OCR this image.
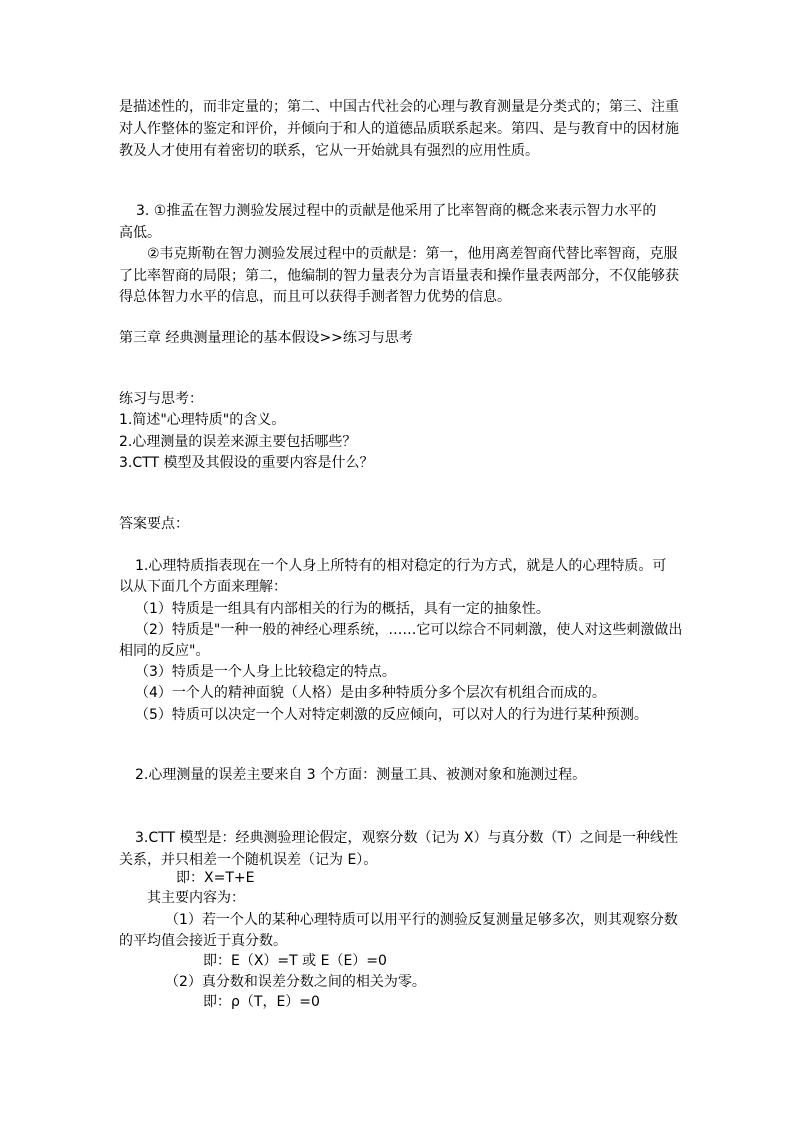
是描述性的，而非定量的；第二、中国古代社会的心理与教育测量是分类式的；第三、注重
对人作整体的鉴定和评价，并倾向于和人的道德品质联系起来。第四、是与教育中的因材施
教及人才使用有着密切的联系，它从一开始就具有强烈的应用性质。
3. ①推孟在智力测验发展过程中的贡献是他采用了比率智商的概念来表示智力水平的
高低。
②韦克斯勒在智力测验发展过程中的贡献是：第一，他用离差智商代替比率智商，克服
了比率智商的局限；第二，他编制的智力量表分为言语量表和操作量表两部分，不仅能够获
得总体智力水平的信息，而且可以获得手测者智力优势的信息。
第三章 经典测量理论的基本假设>>练习与思考
练习与思考：
1.简述"心理特质"的含义。
2.心理测量的误差来源主要包括哪些？
3.CTT 模型及其假设的重要内容是什么？
答案要点：
1.心理特质指表现在一个人身上所特有的相对稳定的行为方式，就是人的心理特质。可
以从下面几个方面来理解：
（1）特质是一组具有内部相关的行为的概括，具有一定的抽象性。
（2）特质是"一种一般的神经心理系统，……它可以综合不同刺激，使人对这些刺激做出
相同的反应"。
（3）特质是一个人身上比较稳定的特点。
（4）一个人的精神面貌（人格）是由多种特质分多个层次有机组合而成的。
（5）特质可以决定一个人对特定刺激的反应倾向，可以对人的行为进行某种预测。
2.心理测量的误差主要来自 3 个方面：测量工具、被测对象和施测过程。
3.CTT 模型是：经典测验理论假定，观察分数（记为 X）与真分数（T）之间是一种线性
关系，并只相差一个随机误差（记为 E）。
即：X=T+E
其主要内容为：
（1）若一个人的某种心理特质可以用平行的测验反复测量足够多次，则其观察分数
的平均值会接近于真分数。
即：E（X）=T 或 E（E）=0
（2）真分数和误差分数之间的相关为零。
即：ρ（T，E）=0
